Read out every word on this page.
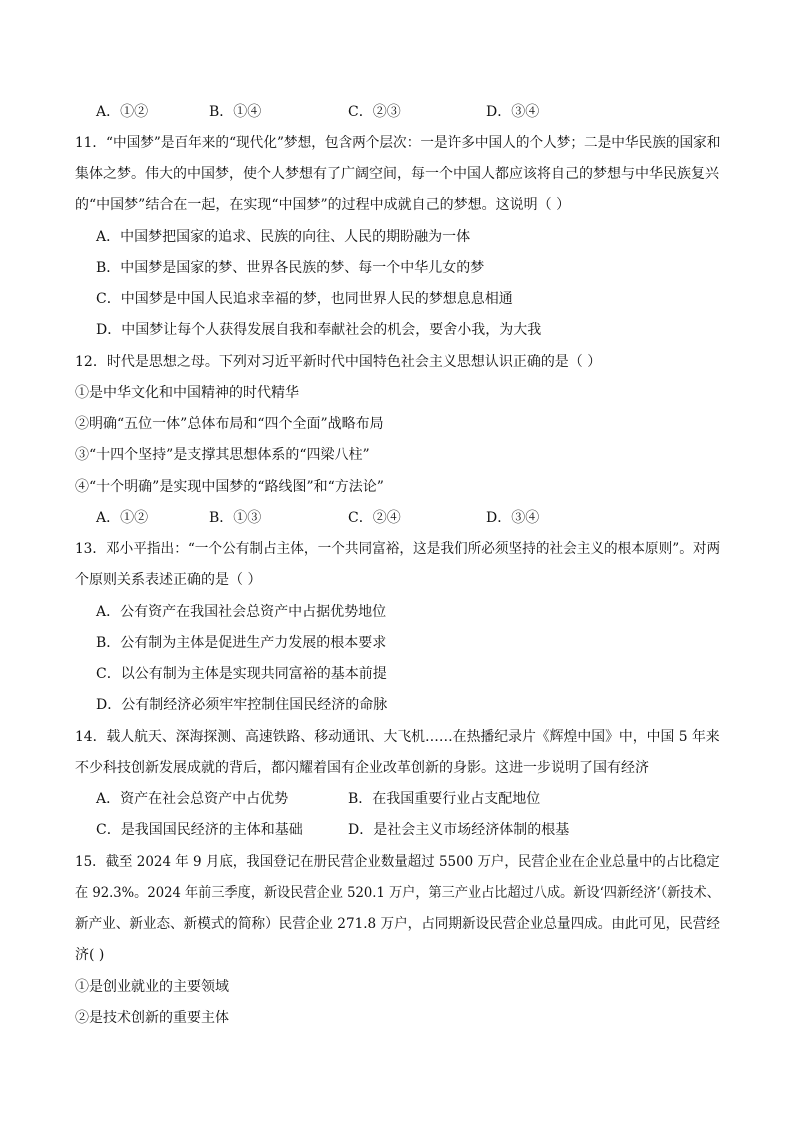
A．①②	B．①④	C．②③	D．③④
11．“中国梦”是百年来的“现代化”梦想，包含两个层次：一是许多中国人的个人梦；二是中华民族的国家和
集体之梦。伟大的中国梦，使个人梦想有了广阔空间，每一个中国人都应该将自己的梦想与中华民族复兴
的“中国梦”结合在一起，在实现“中国梦”的过程中成就自己的梦想。这说明（ ）
A．中国梦把国家的追求、民族的向往、人民的期盼融为一体
B．中国梦是国家的梦、世界各民族的梦、每一个中华儿女的梦
C．中国梦是中国人民追求幸福的梦，也同世界人民的梦想息息相通
D．中国梦让每个人获得发展自我和奉献社会的机会，要舍小我，为大我
12．时代是思想之母。下列对习近平新时代中国特色社会主义思想认识正确的是（ ）
①是中华文化和中国精神的时代精华
②明确“五位一体”总体布局和“四个全面”战略布局
③“十四个坚持”是支撑其思想体系的“四梁八柱”
④“十个明确”是实现中国梦的“路线图”和“方法论”
A．①②	B．①③	C．②④	D．③④
13．邓小平指出：“一个公有制占主体，一个共同富裕，这是我们所必须坚持的社会主义的根本原则”。对两
个原则关系表述正确的是（ ）
A．公有资产在我国社会总资产中占据优势地位
B．公有制为主体是促进生产力发展的根本要求
C．以公有制为主体是实现共同富裕的基本前提
D．公有制经济必须牢牢控制住国民经济的命脉
14．载人航天、深海探测、高速铁路、移动通讯、大飞机……在热播纪录片《辉煌中国》中，中国 5 年来
不少科技创新发展成就的背后，都闪耀着国有企业改革创新的身影。这进一步说明了国有经济
A．资产在社会总资产中占优势	B．在我国重要行业占支配地位
C．是我国国民经济的主体和基础	D．是社会主义市场经济体制的根基
15．截至 2024 年 9 月底，我国登记在册民营企业数量超过 5500 万户，民营企业在企业总量中的占比稳定
在 92.3%。2024 年前三季度，新设民营企业 520.1 万户，第三产业占比超过八成。新设‘四新经济’（新技术、
新产业、新业态、新模式的简称）民营企业 271.8 万户，占同期新设民营企业总量四成。由此可见，民营经
济( )
①是创业就业的主要领域
②是技术创新的重要主体
